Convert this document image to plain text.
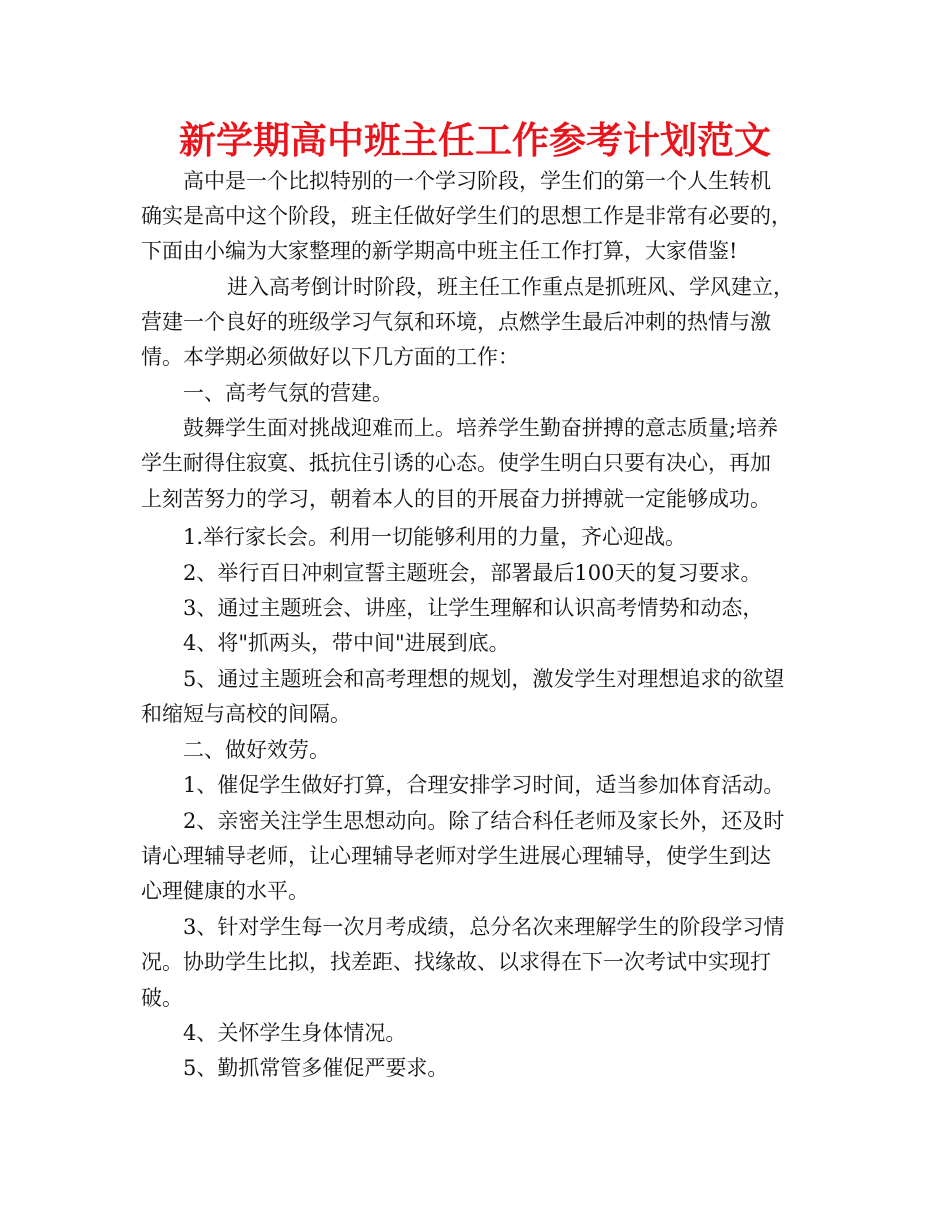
新学期高中班主任工作参考计划范文
高中是一个比拟特别的一个学习阶段，学生们的第一个人生转机
确实是高中这个阶段，班主任做好学生们的思想工作是非常有必要的，
下面由小编为大家整理的新学期高中班主任工作打算，大家借鉴!
进入高考倒计时阶段，班主任工作重点是抓班风、学风建立，
营建一个良好的班级学习气氛和环境，点燃学生最后冲刺的热情与激
情。本学期必须做好以下几方面的工作：
一、高考气氛的营建。
鼓舞学生面对挑战迎难而上。培养学生勤奋拼搏的意志质量;培养
学生耐得住寂寞、抵抗住引诱的心态。使学生明白只要有决心，再加
上刻苦努力的学习，朝着本人的目的开展奋力拼搏就一定能够成功。
1.举行家长会。利用一切能够利用的力量，齐心迎战。
2、举行百日冲刺宣誓主题班会，部署最后100天的复习要求。
3、通过主题班会、讲座，让学生理解和认识高考情势和动态，
4、将"抓两头，带中间"进展到底。
5、通过主题班会和高考理想的规划，激发学生对理想追求的欲望
和缩短与高校的间隔。
二、做好效劳。
1、催促学生做好打算，合理安排学习时间，适当参加体育活动。
2、亲密关注学生思想动向。除了结合科任老师及家长外，还及时
请心理辅导老师，让心理辅导老师对学生进展心理辅导，使学生到达
心理健康的水平。
3、针对学生每一次月考成绩，总分名次来理解学生的阶段学习情
况。协助学生比拟，找差距、找缘故、以求得在下一次考试中实现打
破。
4、关怀学生身体情况。
5、勤抓常管多催促严要求。
